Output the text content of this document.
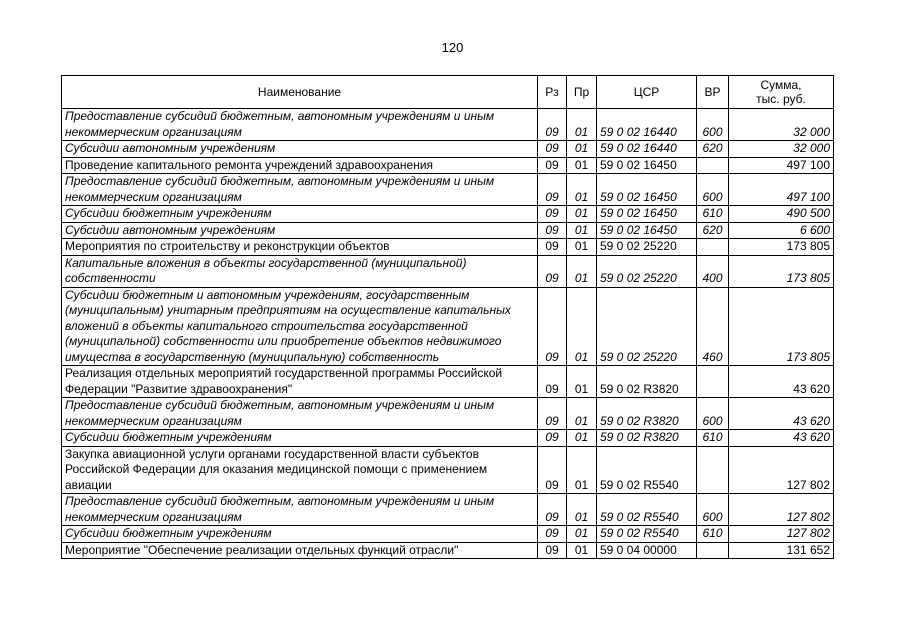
120
Наименование	Рз	Пр	ЦСР	ВР	Сумма,
тыс. руб.

Предоставление субсидий бюджетным, автономным учреждениям и иным некоммерческим организациям	09	01	59 0 02 16440	600	32 000
Субсидии автономным учреждениям	09	01	59 0 02 16440	620	32 000
Проведение капитального ремонта учреждений здравоохранения	09	01	59 0 02 16450		497 100
Предоставление субсидий бюджетным, автономным учреждениям и иным некоммерческим организациям	09	01	59 0 02 16450	600	497 100
Субсидии бюджетным учреждениям	09	01	59 0 02 16450	610	490 500
Субсидии автономным учреждениям	09	01	59 0 02 16450	620	6 600
Мероприятия по строительству и реконструкции объектов	09	01	59 0 02 25220		173 805
Капитальные вложения в объекты государственной (муниципальной) собственности	09	01	59 0 02 25220	400	173 805
Субсидии бюджетным и автономным учреждениям, государственным (муниципальным) унитарным предприятиям на осуществление капитальных вложений в объекты капитального строительства государственной (муниципальной) собственности или приобретение объектов недвижимого имущества в государственную (муниципальную) собственность	09	01	59 0 02 25220	460	173 805
Реализация отдельных мероприятий государственной программы Российской Федерации "Развитие здравоохранения"	09	01	59 0 02 R3820		43 620
Предоставление субсидий бюджетным, автономным учреждениям и иным некоммерческим организациям	09	01	59 0 02 R3820	600	43 620
Субсидии бюджетным учреждениям	09	01	59 0 02 R3820	610	43 620
Закупка авиационной услуги органами государственной власти субъектов Российской Федерации для оказания медицинской помощи с применением авиации	09	01	59 0 02 R5540		127 802
Предоставление субсидий бюджетным, автономным учреждениям и иным некоммерческим организациям	09	01	59 0 02 R5540	600	127 802
Субсидии бюджетным учреждениям	09	01	59 0 02 R5540	610	127 802
Мероприятие "Обеспечение реализации отдельных функций отрасли"	09	01	59 0 04 00000		131 652
